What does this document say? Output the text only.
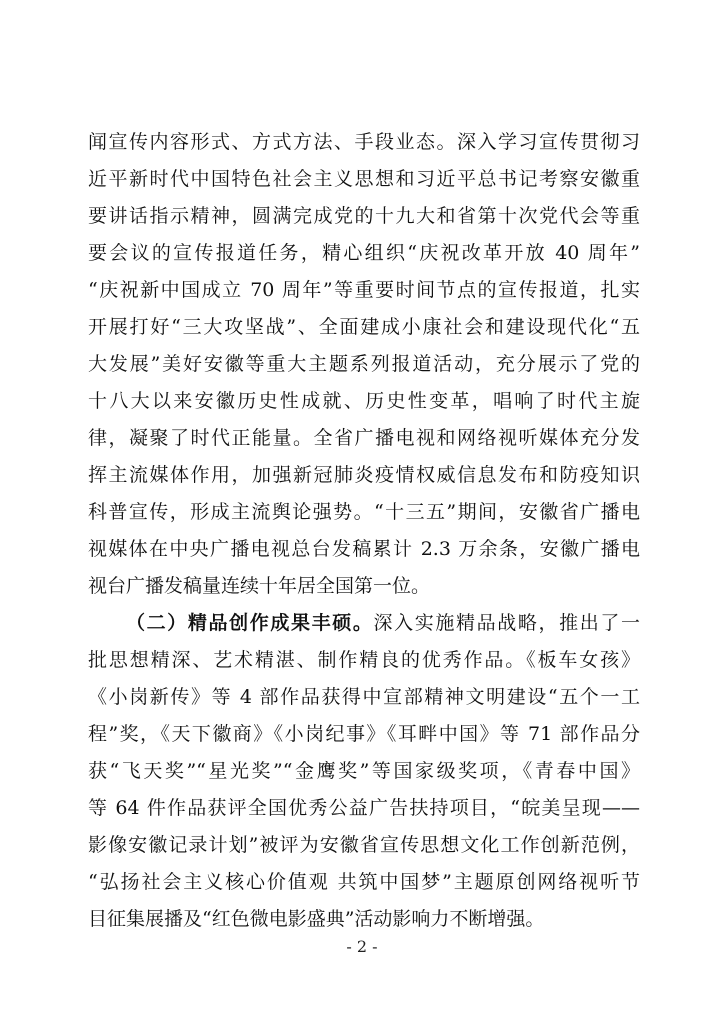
闻宣传内容形式、方式方法、手段业态。深入学习宣传贯彻习
近平新时代中国特色社会主义思想和习近平总书记考察安徽重
要讲话指示精神，圆满完成党的十九大和省第十次党代会等重
要会议的宣传报道任务，精心组织“庆祝改革开放 40 周年”
“庆祝新中国成立 70 周年”等重要时间节点的宣传报道，扎实
开展打好“三大攻坚战”、全面建成小康社会和建设现代化“五
大发展”美好安徽等重大主题系列报道活动，充分展示了党的
十八大以来安徽历史性成就、历史性变革，唱响了时代主旋
律，凝聚了时代正能量。全省广播电视和网络视听媒体充分发
挥主流媒体作用，加强新冠肺炎疫情权威信息发布和防疫知识
科普宣传，形成主流舆论强势。“十三五”期间，安徽省广播电
视媒体在中央广播电视总台发稿累计 2.3 万余条，安徽广播电
视台广播发稿量连续十年居全国第一位。
（二）精品创作成果丰硕。深入实施精品战略，推出了一
批思想精深、艺术精湛、制作精良的优秀作品。《板车女孩》
《小岗新传》等 4 部作品获得中宣部精神文明建设“五个一工
程”奖，《天下徽商》《小岗纪事》《耳畔中国》等 71 部作品分
获“飞天奖”“星光奖”“金鹰奖”等国家级奖项，《青春中国》
等 64 件作品获评全国优秀公益广告扶持项目，“皖美呈现——
影像安徽记录计划”被评为安徽省宣传思想文化工作创新范例，
“弘扬社会主义核心价值观 共筑中国梦”主题原创网络视听节
目征集展播及“红色微电影盛典”活动影响力不断增强。
- 2 -
